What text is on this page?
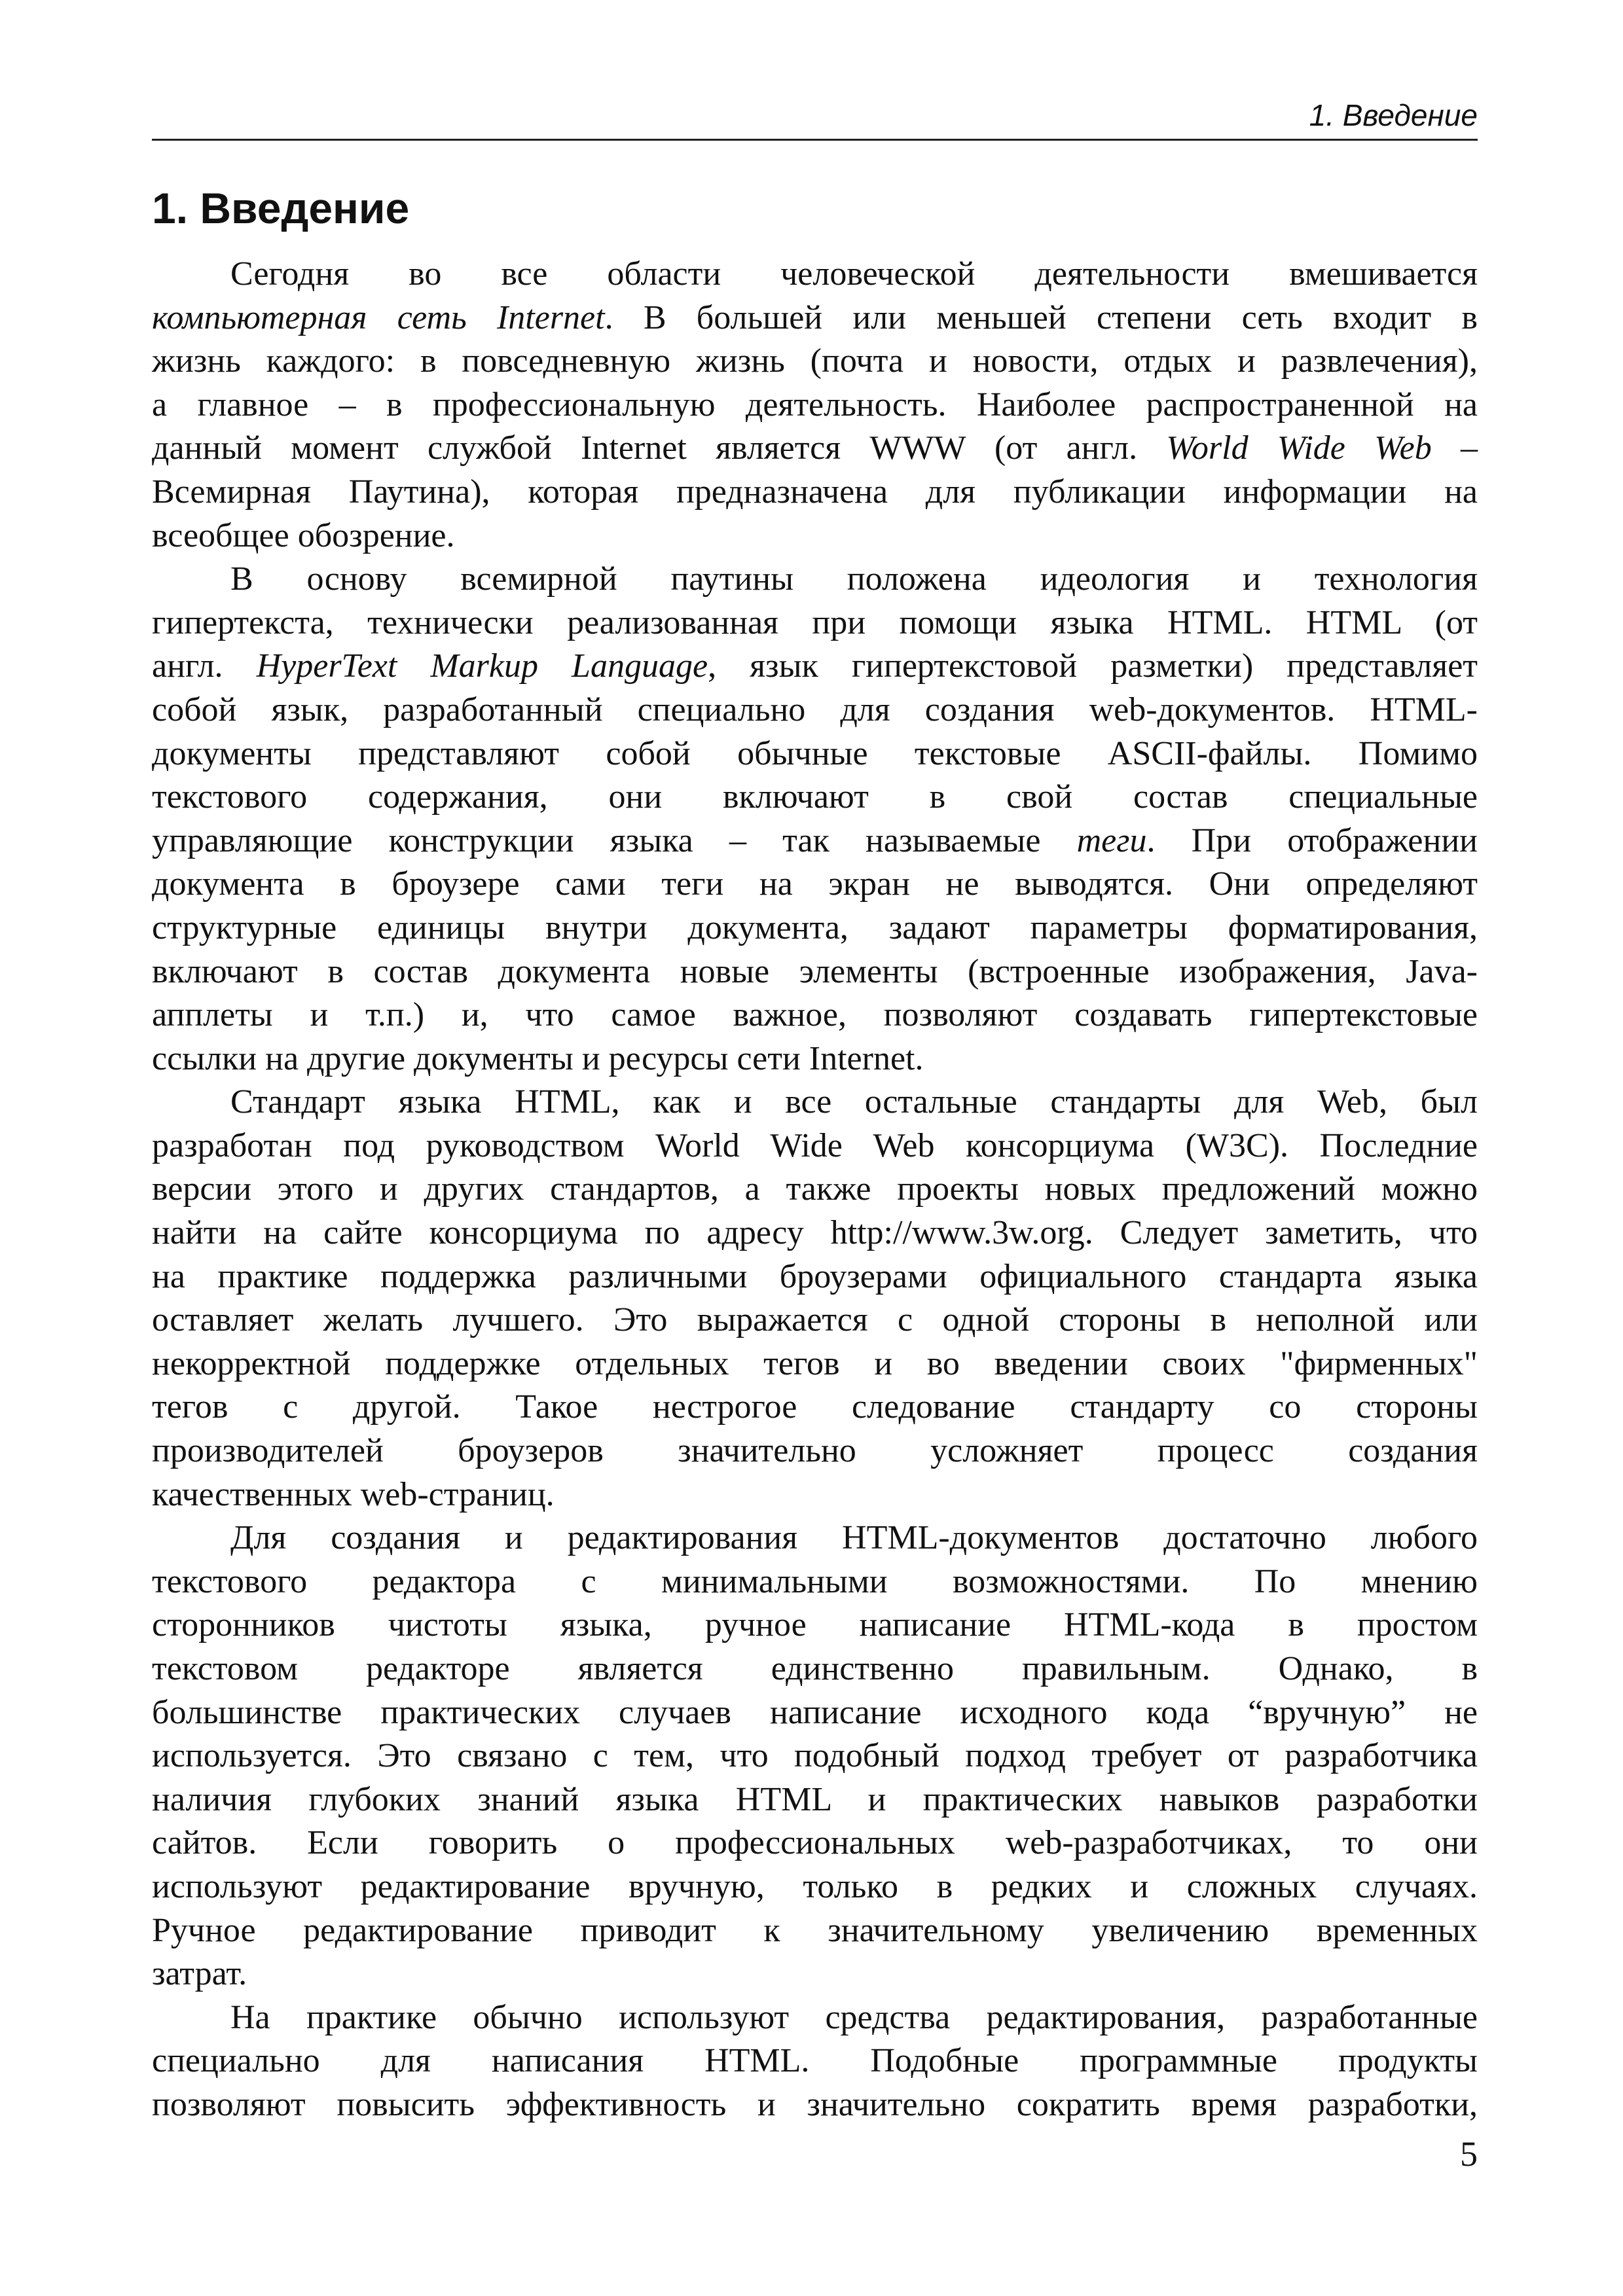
1. Введение
1. Введение
Сегодня во все области человеческой деятельности вмешивается
компьютерная сеть Internet. В большей или меньшей степени сеть входит в
жизнь каждого: в повседневную жизнь (почта и новости, отдых и развлечения),
а главное – в профессиональную деятельность. Наиболее распространенной на
данный момент службой Internet является WWW (от англ. World Wide Web –
Всемирная Паутина), которая предназначена для публикации информации на
всеобщее обозрение.
В основу всемирной паутины положена идеология и технология
гипертекста, технически реализованная при помощи языка HTML. HTML (от
англ. HyperText Markup Language, язык гипертекстовой разметки) представляет
собой язык, разработанный специально для создания web-документов. HTML-
документы представляют собой обычные текстовые ASCII-файлы. Помимо
текстового содержания, они включают в свой состав специальные
управляющие конструкции языка – так называемые теги. При отображении
документа в броузере сами теги на экран не выводятся. Они определяют
структурные единицы внутри документа, задают параметры форматирования,
включают в состав документа новые элементы (встроенные изображения, Java-
апплеты и т.п.) и, что самое важное, позволяют создавать гипертекстовые
ссылки на другие документы и ресурсы сети Internet.
Стандарт языка HTML, как и все остальные стандарты для Web, был
разработан под руководством World Wide Web консорциума (W3C). Последние
версии этого и других стандартов, а также проекты новых предложений можно
найти на сайте консорциума по адресу http://www.3w.org. Следует заметить, что
на практике поддержка различными броузерами официального стандарта языка
оставляет желать лучшего. Это выражается с одной стороны в неполной или
некорректной поддержке отдельных тегов и во введении своих "фирменных"
тегов с другой. Такое нестрогое следование стандарту со стороны
производителей броузеров значительно усложняет процесс создания
качественных web-страниц.
Для создания и редактирования HTML-документов достаточно любого
текстового редактора с минимальными возможностями. По мнению
сторонников чистоты языка, ручное написание HTML-кода в простом
текстовом редакторе является единственно правильным. Однако, в
большинстве практических случаев написание исходного кода “вручную” не
используется. Это связано с тем, что подобный подход требует от разработчика
наличия глубоких знаний языка HTML и практических навыков разработки
сайтов. Если говорить о профессиональных web-разработчиках, то они
используют редактирование вручную, только в редких и сложных случаях.
Ручное редактирование приводит к значительному увеличению временных
затрат.
На практике обычно используют средства редактирования, разработанные
специально для написания HTML. Подобные программные продукты
позволяют повысить эффективность и значительно сократить время разработки,
5
